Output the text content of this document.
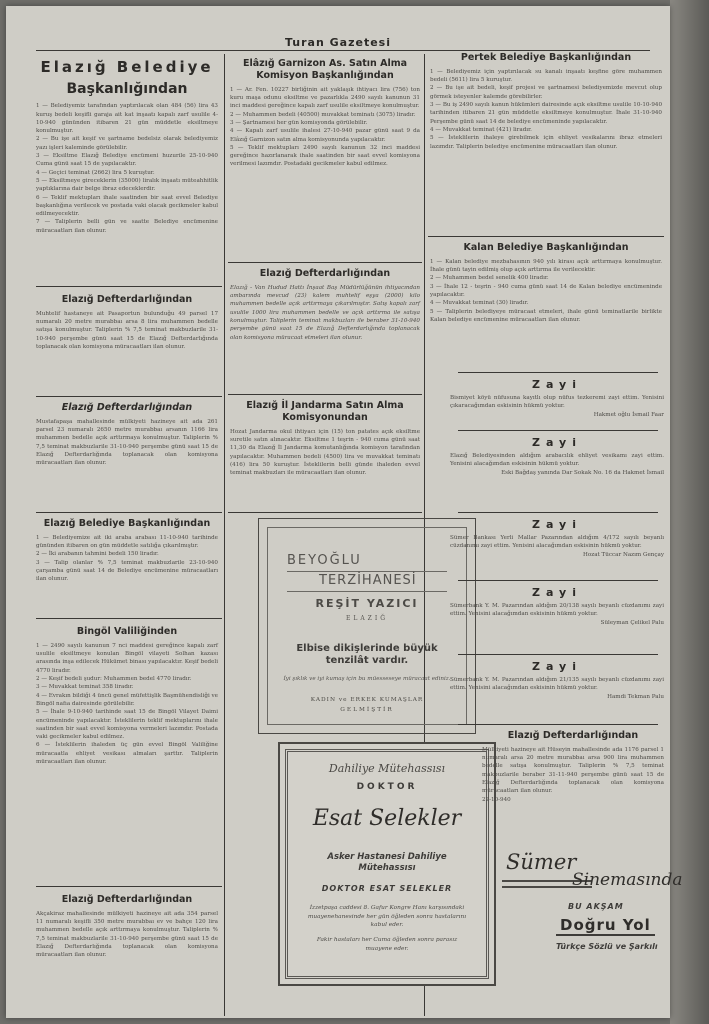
Turan Gazetesi
Elazığ Belediye
Başkanlığından

1 — Belediyemiz tarafından yaptırılacak olan 484 (56) lira 43 kuruş bedeli keşifli garaja ait kat inşaatı kapalı zarf usulile 4-10-940 gününden itibaren 21 gün müddetle eksiltmeye konulmuştur.

2 — Bu işe ait keşif ve şartname bedelsiz olarak belediyemiz yazı işleri kaleminde görülebilir.

3 — Eksiltme Elazığ Belediye encümeni huzurile 25-10-940 Cuma günü saat 15 de yapılacaktır.

4 — Geçici teminat (2662) lira 5 kuruştur.

5 — Eksiltmeye gireceklerin (35000) liralık inşaatı müteahhitlik yaptıklarına dair belge ibraz edeceklerdir.

6 — Teklif mektupları ihale saatinden bir saat evvel Belediye başkanlığına verilecek ve postada vaki olacak gecikmeler kabul edilmeyecektir.

7 — Taliplerin belli gün ve saatte Belediye encümenine müracaatları ilan olunur.

Elazığ Defterdarlığından

Muhtelif hastaneye ait Pasaportun bulunduğu 49 parsel 17 numaralı 20 metre murabbaı arsa 8 lira muhammen bedelle satışa konulmuştur. Taliplerin % 7,5 teminat makbuzlarile 31-10-940 perşembe günü saat 15 de Elazığ Defterdarlığında toplanacak olan komisyona müracaatları ilan olunur.

Elazığ Defterdarlığından

Mustafapaşa mahallesinde mülkiyeti hazineye ait ada 261 parsel 23 numaralı 2650 metre murabbaı arsanın 1166 lira muhammen bedelle açık arttırmaya konulmuştur. Taliplerin % 7,5 teminat makbuzlarile 31-10-940 perşembe günü saat 15 de Elazığ Defterdarlığında toplanacak olan komisyona müracaatları ilan olunur.

Elazığ Belediye Başkanlığından

1 — Belediyemize ait iki araba arabası 11-10-940 tarihinde gününden itibaren on gün müddetle satılığa çıkarılmıştır.

2 — İki arabanın tahmini bedeli 150 liradır.

3 — Talip olanlar % 7,5 teminat makbuzlarile 23-10-940 çarşamba günü saat 14 de Belediye encümenine müracaatları ilan olunur.

Bingöl Valiliğinden

1 — 2490 sayılı kanunun 7 nci maddesi gereğince kapalı zarf usulile eksiltmeye konulan Bingöl vilayeti Solhan kazası arasında inşa edilecek Hükümet binası yapılacaktır. Keşif bedeli 4770 liradır.

2 — Keşif bedeli şudur: Muhammen bedel 4770 liradır.

3 — Muvakkat teminat 358 liradır.

4 — Evrakın bildiği 4 üncü genel müfettişlik Başmühendisliği ve Bingöl nafıa dairesinde görülebilir.

5 — İhale 9-10-940 tarihinde saat 15 de Bingöl Vilayet Daimi encümeninde yapılacaktır. İsteklilerin teklif mektuplarını ihale saatinden bir saat evvel komisyona vermeleri lazımdır. Postada vaki gecikmeler kabul edilmez.

6 — İsteklilerin ihaleden üç gün evvel Bingöl Valiliğine müracaatla ehliyet vesikası almaları şarttır. Taliplerin müracaatları ilan olunur.

Elazığ Defterdarlığından

Akçakiraz mahallesinde mülkiyeti hazineye ait ada 354 parsel 11 numaralı keşifli 350 metre murabbaı ev ve bahçe 120 lira muhammen bedelle açık arttırmaya konulmuştur. Taliplerin % 7,5 teminat makbuzlarile 31-10-940 perşembe günü saat 15 de Elazığ Defterdarlığında toplanacak olan komisyona müracaatları ilan olunur.

Elâzığ Garnizon As. Satın Alma Komisyon Başkanlığından

1 — Ar. Fen. 10227 birliğinin ait yaklaşık ihtiyacı lira (756) ton kuru maşa odunu eksiltme ve pazarlıkla 2490 sayılı kanunun 31 inci maddesi gereğince kapalı zarf usulile eksiltmeye konulmuştur.

2 — Muhammen bedeli (40500) muvakkat teminatı (3075) liradır.

3 — Şartnamesi her gün komisyonda görülebilir.

4 — Kapalı zarf usulile ihalesi 27-10-940 pazar günü saat 9 da Elâzığ Garnizon satın alma komisyonunda yapılacaktır.

5 — Teklif mektupları 2490 sayılı kanunun 32 inci maddesi gereğince hazırlanarak ihale saatinden bir saat evvel komisyona verilmesi lazımdır. Postadaki gecikmeler kabul edilmez.

Elazığ Defterdarlığından

Elazığ - Van Hudud Hattı İnşaat Baş Müdürlüğünün ihtiyacından ambarında mevcud (23) kalem muhtelif eşya (2000) kilo muhammen bedelle açık arttırmaya çıkarılmıştır. Satış kapalı zarf usulile 1000 lira muhammen bedelle ve açık arttırma ile satışa konulmuştur. Taliplerin teminat makbuzları ile beraber 31-10-940 perşembe günü saat 15 de Elazığ Defterdarlığında toplanacak olan komisyona müracaat etmeleri ilan olunur.

Elazığ İl Jandarma Satın Alma Komisyonundan

Hozat Jandarma okul ihtiyacı için (15) ton patates açık eksiltme suretile satın alınacaktır. Eksiltme 1 teşrin - 940 cuma günü saat 11,30 da Elazığ İl Jandarma komutanlığında komisyon tarafından yapılacaktır. Muhammen bedeli (4500) lira ve muvakkat teminatı (416) lira 50 kuruştur. İsteklilerin belli günde ihaleden evvel teminat makbuzları ile müracaatları ilan olunur.

BEYOĞLU
TERZİHANESİ
REŞİT YAZICI
ELAZIĞ
Elbise dikişlerinde büyük tenzilât vardır.
İyi şıklık ve iyi kumaş için bu müesseseye müracaat ediniz.
KADIN ve ERKEK KUMAŞLAR
GELMİŞTİR
Dahiliye Mütehassısı
DOKTOR
Esat Selekler
Asker Hastanesi Dahiliye Mütehassısı
DOKTOR ESAT SELEKLER
İzzetpaşa caddesi 8. Gafur Kongre Hanı karşısındaki muayenehanesinde her gün öğleden sonra hastalarını kabul eder.
Fakir hastaları her Cuma öğleden sonra parasız muayene eder.
Pertek Belediye Başkanlığından

1 — Belediyemiz için yaptırılacak su kanalı inşaatı keşfine göre muhammen bedeli (5611) lira 5 kuruştur.

2 — Bu işe ait bedeli, keşif projesi ve şartnamesi belediyemizde mevcut olup görmek isteyenler kalemde görebilirler.

3 — Bu iş 2490 sayılı kanun hükümleri dairesinde açık eksiltme usulile 10-10-940 tarihinden itibaren 21 gün müddetle eksiltmeye konulmuştur. İhale 31-10-940 Perşembe günü saat 14 de belediye encümeninde yapılacaktır.

4 — Muvakkat teminat (421) liradır.

5 — İsteklilerin ihaleye girebilmek için ehliyet vesikalarını ibraz etmeleri lazımdır. Taliplerin belediye encümenine müracaatları ilan olunur.

Kalan Belediye Başkanlığından

1 — Kalan belediye mezbahasının 940 yılı kirası açık arttırmaya konulmuştur. İhale günü tayin edilmiş olup açık arttırma ile verilecektir.

2 — Muhammen bedel senelik 400 liradır.

3 — İhale 12 - teşrin - 940 cuma günü saat 14 de Kalan belediye encümeninde yapılacaktır.

4 — Muvakkat teminat (30) liradır.

5 — Taliplerin belediyeye müracaat etmeleri, ihale günü teminatlarile birlikte Kalan belediye encümenine müracaatları ilan olunur.

Zayi

Bismiyet köyü nüfusuna kayıtlı olup nüfus tezkeremi zayi ettim. Yenisini çıkaracağımdan eskisinin hükmü yoktur.

Hakmet oğlu İsmail Faar
Zayi

Elazığ Belediyesinden aldığım arabacılık ehliyet vesikamı zayi ettim. Yenisini alacağımdan eskisinin hükmü yoktur.

Eski Bağdaş yanında Dar Sokak No. 16 da Hakmet İsmail
Zayi

Sümer Bankası Yerli Mallar Pazarından aldığım 4/172 sayılı beyanlı cüzdanımı zayi ettim. Yenisini alacağımdan eskisinin hükmü yoktur.

Hozat Tüccar Nazım Gençay
Zayi

Sümerbank Y. M. Pazarından aldığım 20/138 sayılı beyanlı cüzdanımı zayi ettim. Yenisini alacağımdan eskisinin hükmü yoktur.

Süleyman Çelikel Palu
Zayi

Sümerbank Y. M. Pazarından aldığım 21/135 sayılı beyanlı cüzdanımı zayi ettim. Yenisini alacağımdan eskisinin hükmü yoktur.

Hamdi Tekman Palu
Elazığ Defterdarlığından

Mülkiyeti hazineye ait Hüseyin mahallesinde ada 1176 parsel 1 numaralı arsa 20 metre murabbaı arsa 900 lira muhammen bedelle satışa konulmuştur. Taliplerin % 7,5 teminat makbuzlarile beraber 31-11-940 perşembe günü saat 15 de Elazığ Defterdarlığında toplanacak olan komisyona müracaatları ilan olunur.

22-10-940
Sümer
Sinemasında
BU AKŞAM
Doğru Yol
Türkçe Sözlü ve Şarkılı
